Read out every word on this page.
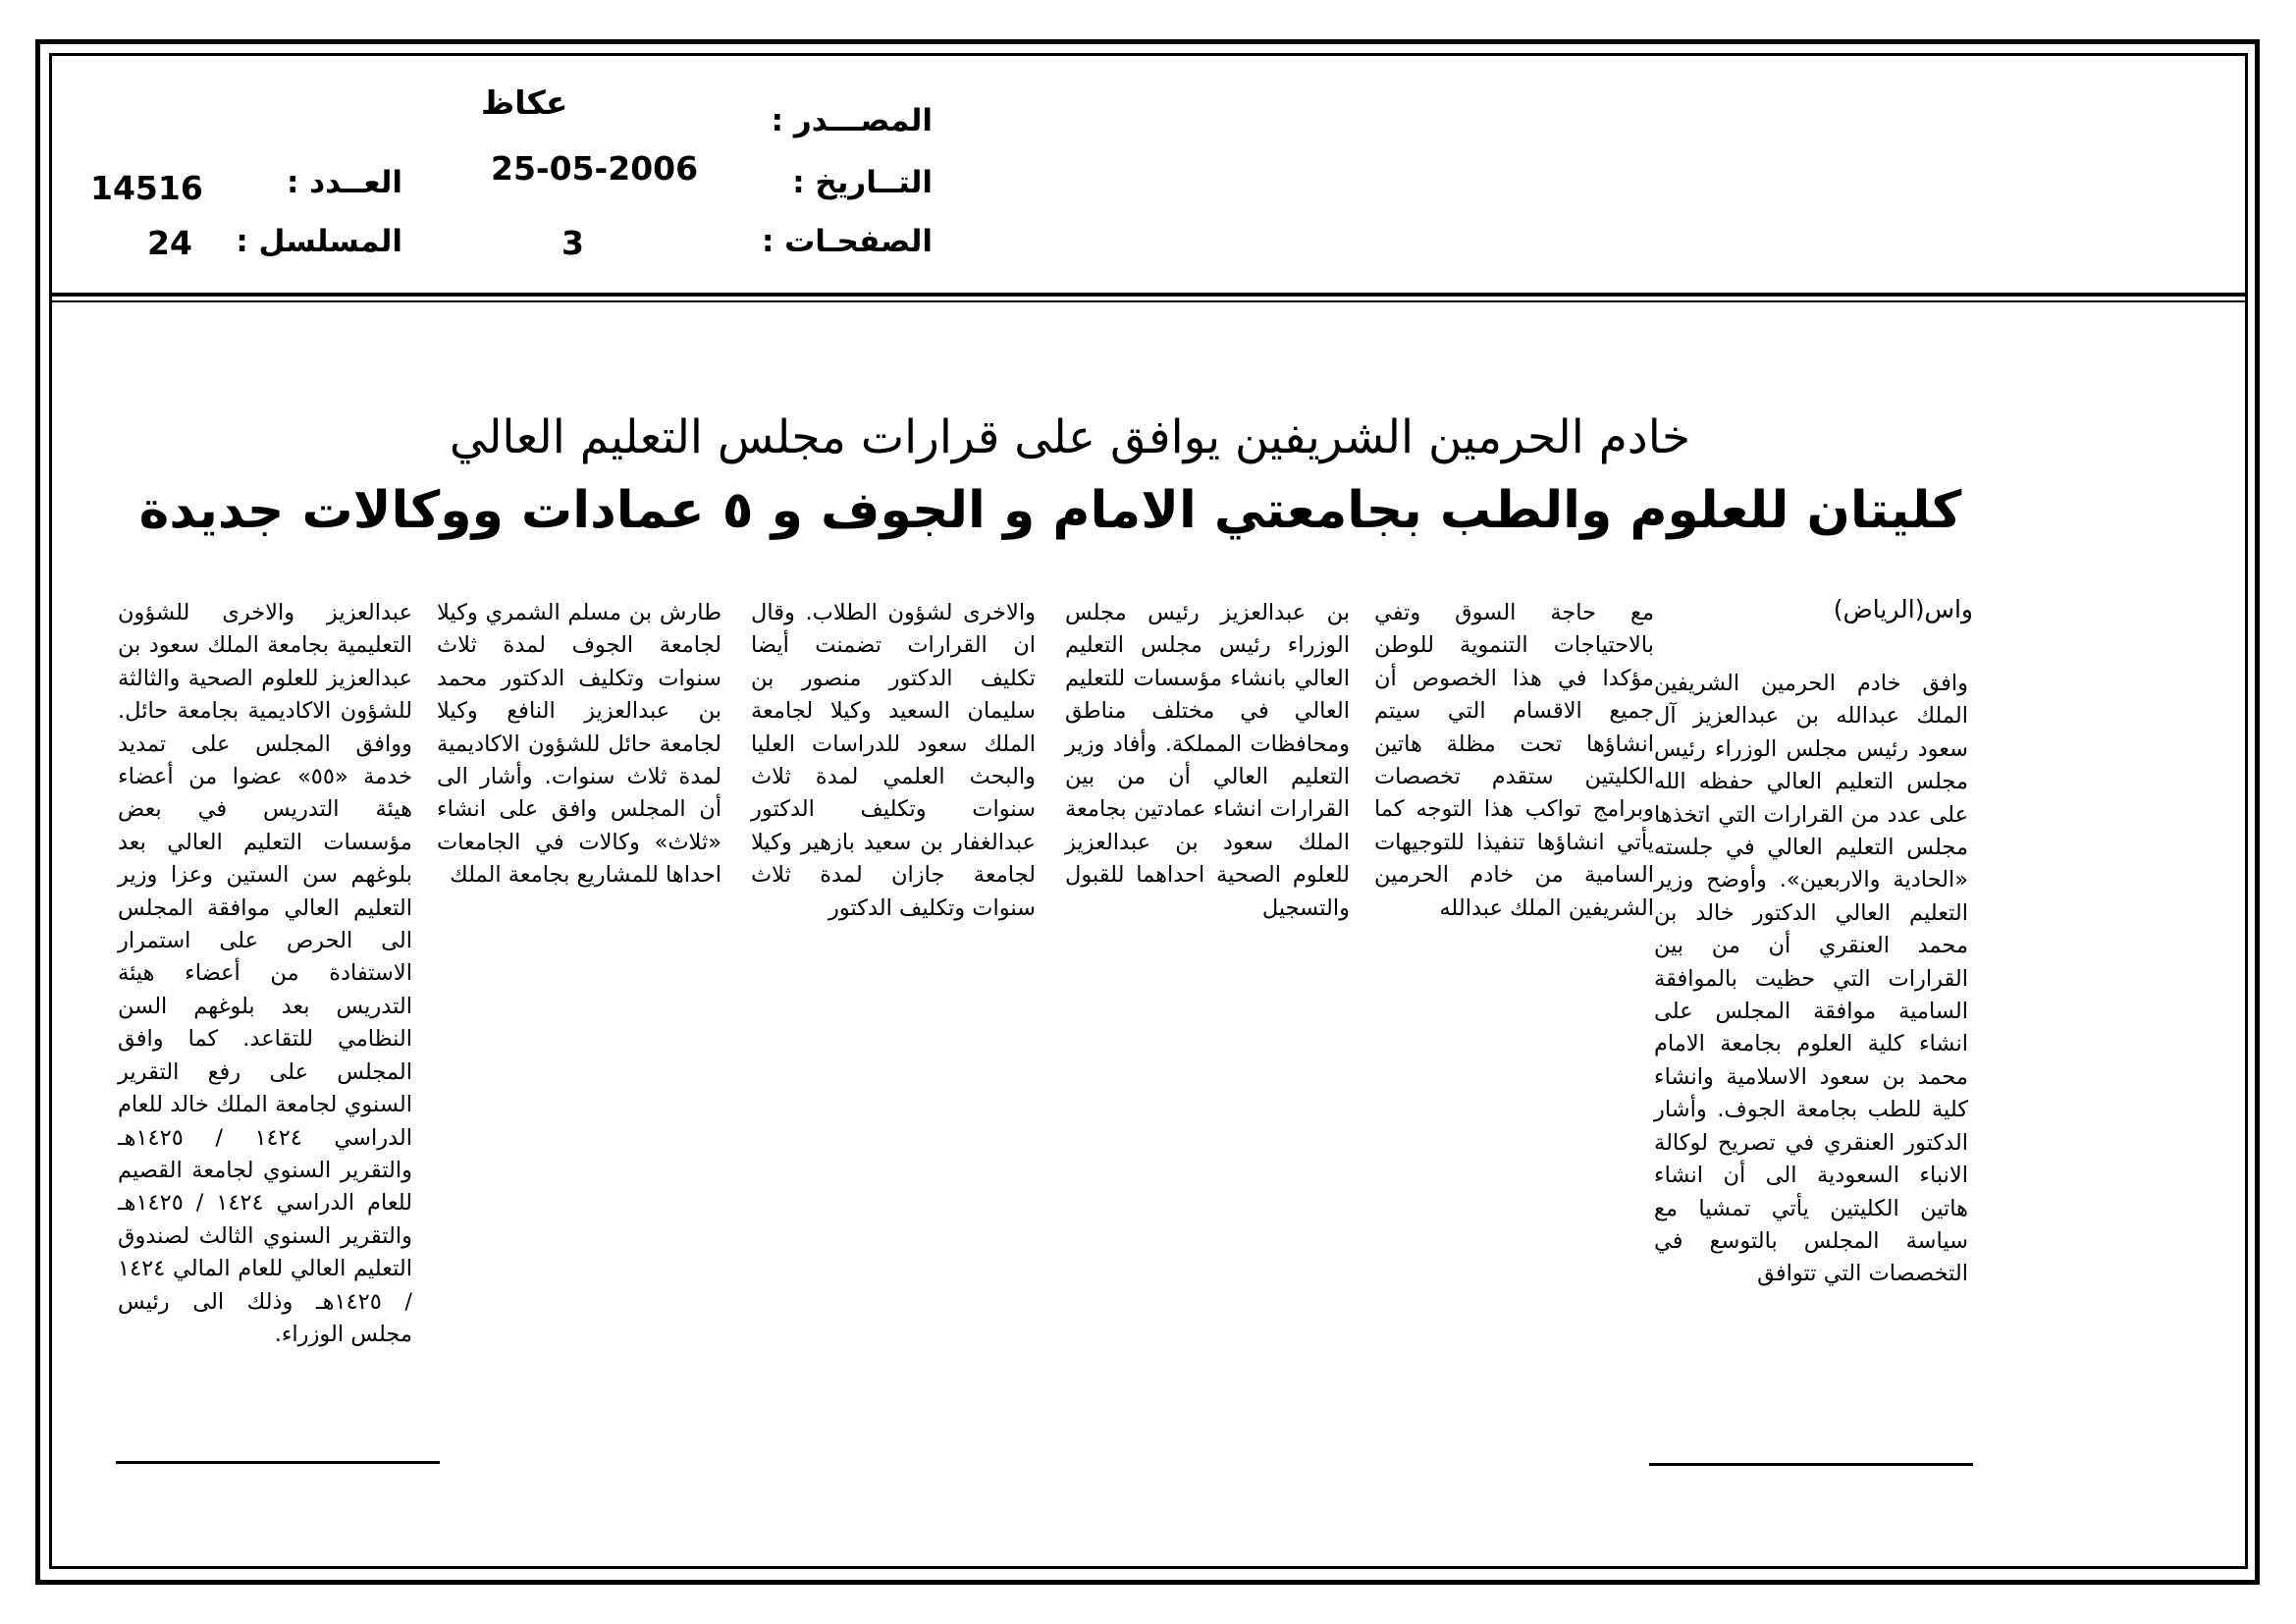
المصـــدر :
عكاظ
التــاريخ :
25-05-2006
الصفحـات :
3
العــدد :
14516
المسلسل :
24
خادم الحرمين الشريفين يوافق على قرارات مجلس التعليم العالي
كليتان للعلوم والطب بجامعتي الامام و الجوف و ٥ عمادات ووكالات جديدة
واس(الرياض)
وافق خادم الحرمين الشريفين الملك عبدالله بن عبدالعزيز آل سعود رئيس مجلس الوزراء رئيس مجلس التعليم العالي حفظه الله على عدد من القرارات التي اتخذها مجلس التعليم العالي في جلسته «الحادية والاربعين». وأوضح وزير التعليم العالي الدكتور خالد بن محمد العنقري أن من بين القرارات التي حظيت بالموافقة السامية موافقة المجلس على انشاء كلية العلوم بجامعة الامام محمد بن سعود الاسلامية وانشاء كلية للطب بجامعة الجوف. وأشار الدكتور العنقري في تصريح لوكالة الانباء السعودية الى أن انشاء هاتين الكليتين يأتي تمشيا مع سياسة المجلس بالتوسع في التخصصات التي تتوافق
مع حاجة السوق وتفي بالاحتياجات التنموية للوطن مؤكدا في هذا الخصوص أن جميع الاقسام التي سيتم انشاؤها تحت مظلة هاتين الكليتين ستقدم تخصصات وبرامج تواكب هذا التوجه كما يأتي انشاؤها تنفيذا للتوجيهات السامية من خادم الحرمين الشريفين الملك عبدالله
بن عبدالعزيز رئيس مجلس الوزراء رئيس مجلس التعليم العالي بانشاء مؤسسات للتعليم العالي في مختلف مناطق ومحافظات المملكة. وأفاد وزير التعليم العالي أن من بين القرارات انشاء عمادتين بجامعة الملك سعود بن عبدالعزيز للعلوم الصحية احداهما للقبول والتسجيل
والاخرى لشؤون الطلاب. وقال ان القرارات تضمنت أيضا تكليف الدكتور منصور بن سليمان السعيد وكيلا لجامعة الملك سعود للدراسات العليا والبحث العلمي لمدة ثلاث سنوات وتكليف الدكتور عبدالغفار بن سعيد بازهير وكيلا لجامعة جازان لمدة ثلاث سنوات وتكليف الدكتور
طارش بن مسلم الشمري وكيلا لجامعة الجوف لمدة ثلاث سنوات وتكليف الدكتور محمد بن عبدالعزيز النافع وكيلا لجامعة حائل للشؤون الاكاديمية لمدة ثلاث سنوات. وأشار الى أن المجلس وافق على انشاء «ثلاث» وكالات في الجامعات احداها للمشاريع بجامعة الملك
عبدالعزيز والاخرى للشؤون التعليمية بجامعة الملك سعود بن عبدالعزيز للعلوم الصحية والثالثة للشؤون الاكاديمية بجامعة حائل. ووافق المجلس على تمديد خدمة «٥٥» عضوا من أعضاء هيئة التدريس في بعض مؤسسات التعليم العالي بعد بلوغهم سن الستين وعزا وزير التعليم العالي موافقة المجلس الى الحرص على استمرار الاستفادة من أعضاء هيئة التدريس بعد بلوغهم السن النظامي للتقاعد. كما وافق المجلس على رفع التقرير السنوي لجامعة الملك خالد للعام الدراسي ١٤٢٤ / ١٤٢٥هـ والتقرير السنوي لجامعة القصيم للعام الدراسي ١٤٢٤ / ١٤٢٥هـ والتقرير السنوي الثالث لصندوق التعليم العالي للعام المالي ١٤٢٤ / ١٤٢٥هـ وذلك الى رئيس مجلس الوزراء.
